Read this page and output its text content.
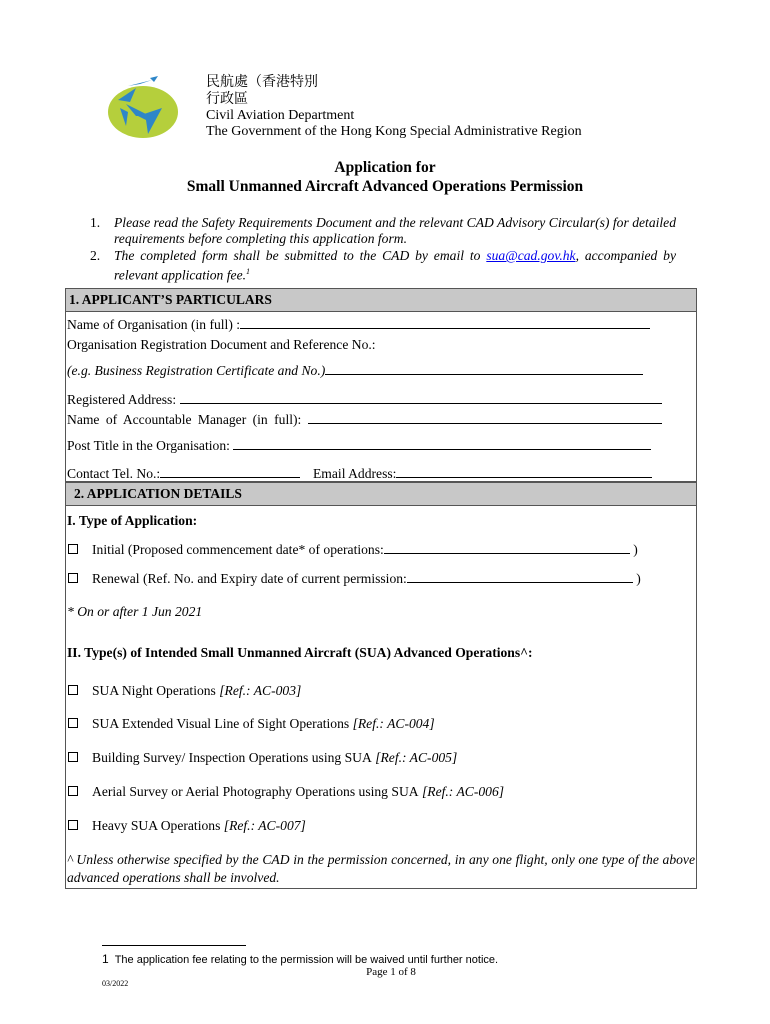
民航處（香港特別
行政區
Civil Aviation Department
The Government of the Hong Kong Special Administrative Region
Application for
Small Unmanned Aircraft Advanced Operations Permission
1. Please read the Safety Requirements Document and the relevant CAD Advisory Circular(s) for detailed requirements before completing this application form.
2. The completed form shall be submitted to the CAD by email to sua@cad.gov.hk, accompanied by relevant application fee.$^1$
1. APPLICANT’S PARTICULARS
Name of Organisation (in full) :
Organisation Registration Document and Reference No.:
(e.g. Business Registration Certificate and No.)
Registered Address:
Name of Accountable Manager (in full):
Post Title in the Organisation:
Contact Tel. No.:	Email Address:
2. APPLICATION DETAILS
I. Type of Application:
Initial (Proposed commencement date* of operations:	)
Renewal (Ref. No. and Expiry date of current permission:	)
* On or after 1 Jun 2021
II. Type(s) of Intended Small Unmanned Aircraft (SUA) Advanced Operations^:
SUA Night Operations [Ref.: AC-003]
SUA Extended Visual Line of Sight Operations [Ref.: AC-004]
Building Survey/ Inspection Operations using SUA [Ref.: AC-005]
Aerial Survey or Aerial Photography Operations using SUA [Ref.: AC-006]
Heavy SUA Operations [Ref.: AC-007]
^ Unless otherwise specified by the CAD in the permission concerned, in any one flight, only one type of the above advanced operations shall be involved.
1 The application fee relating to the permission will be waived until further notice.
Page 1 of 8
03/2022
